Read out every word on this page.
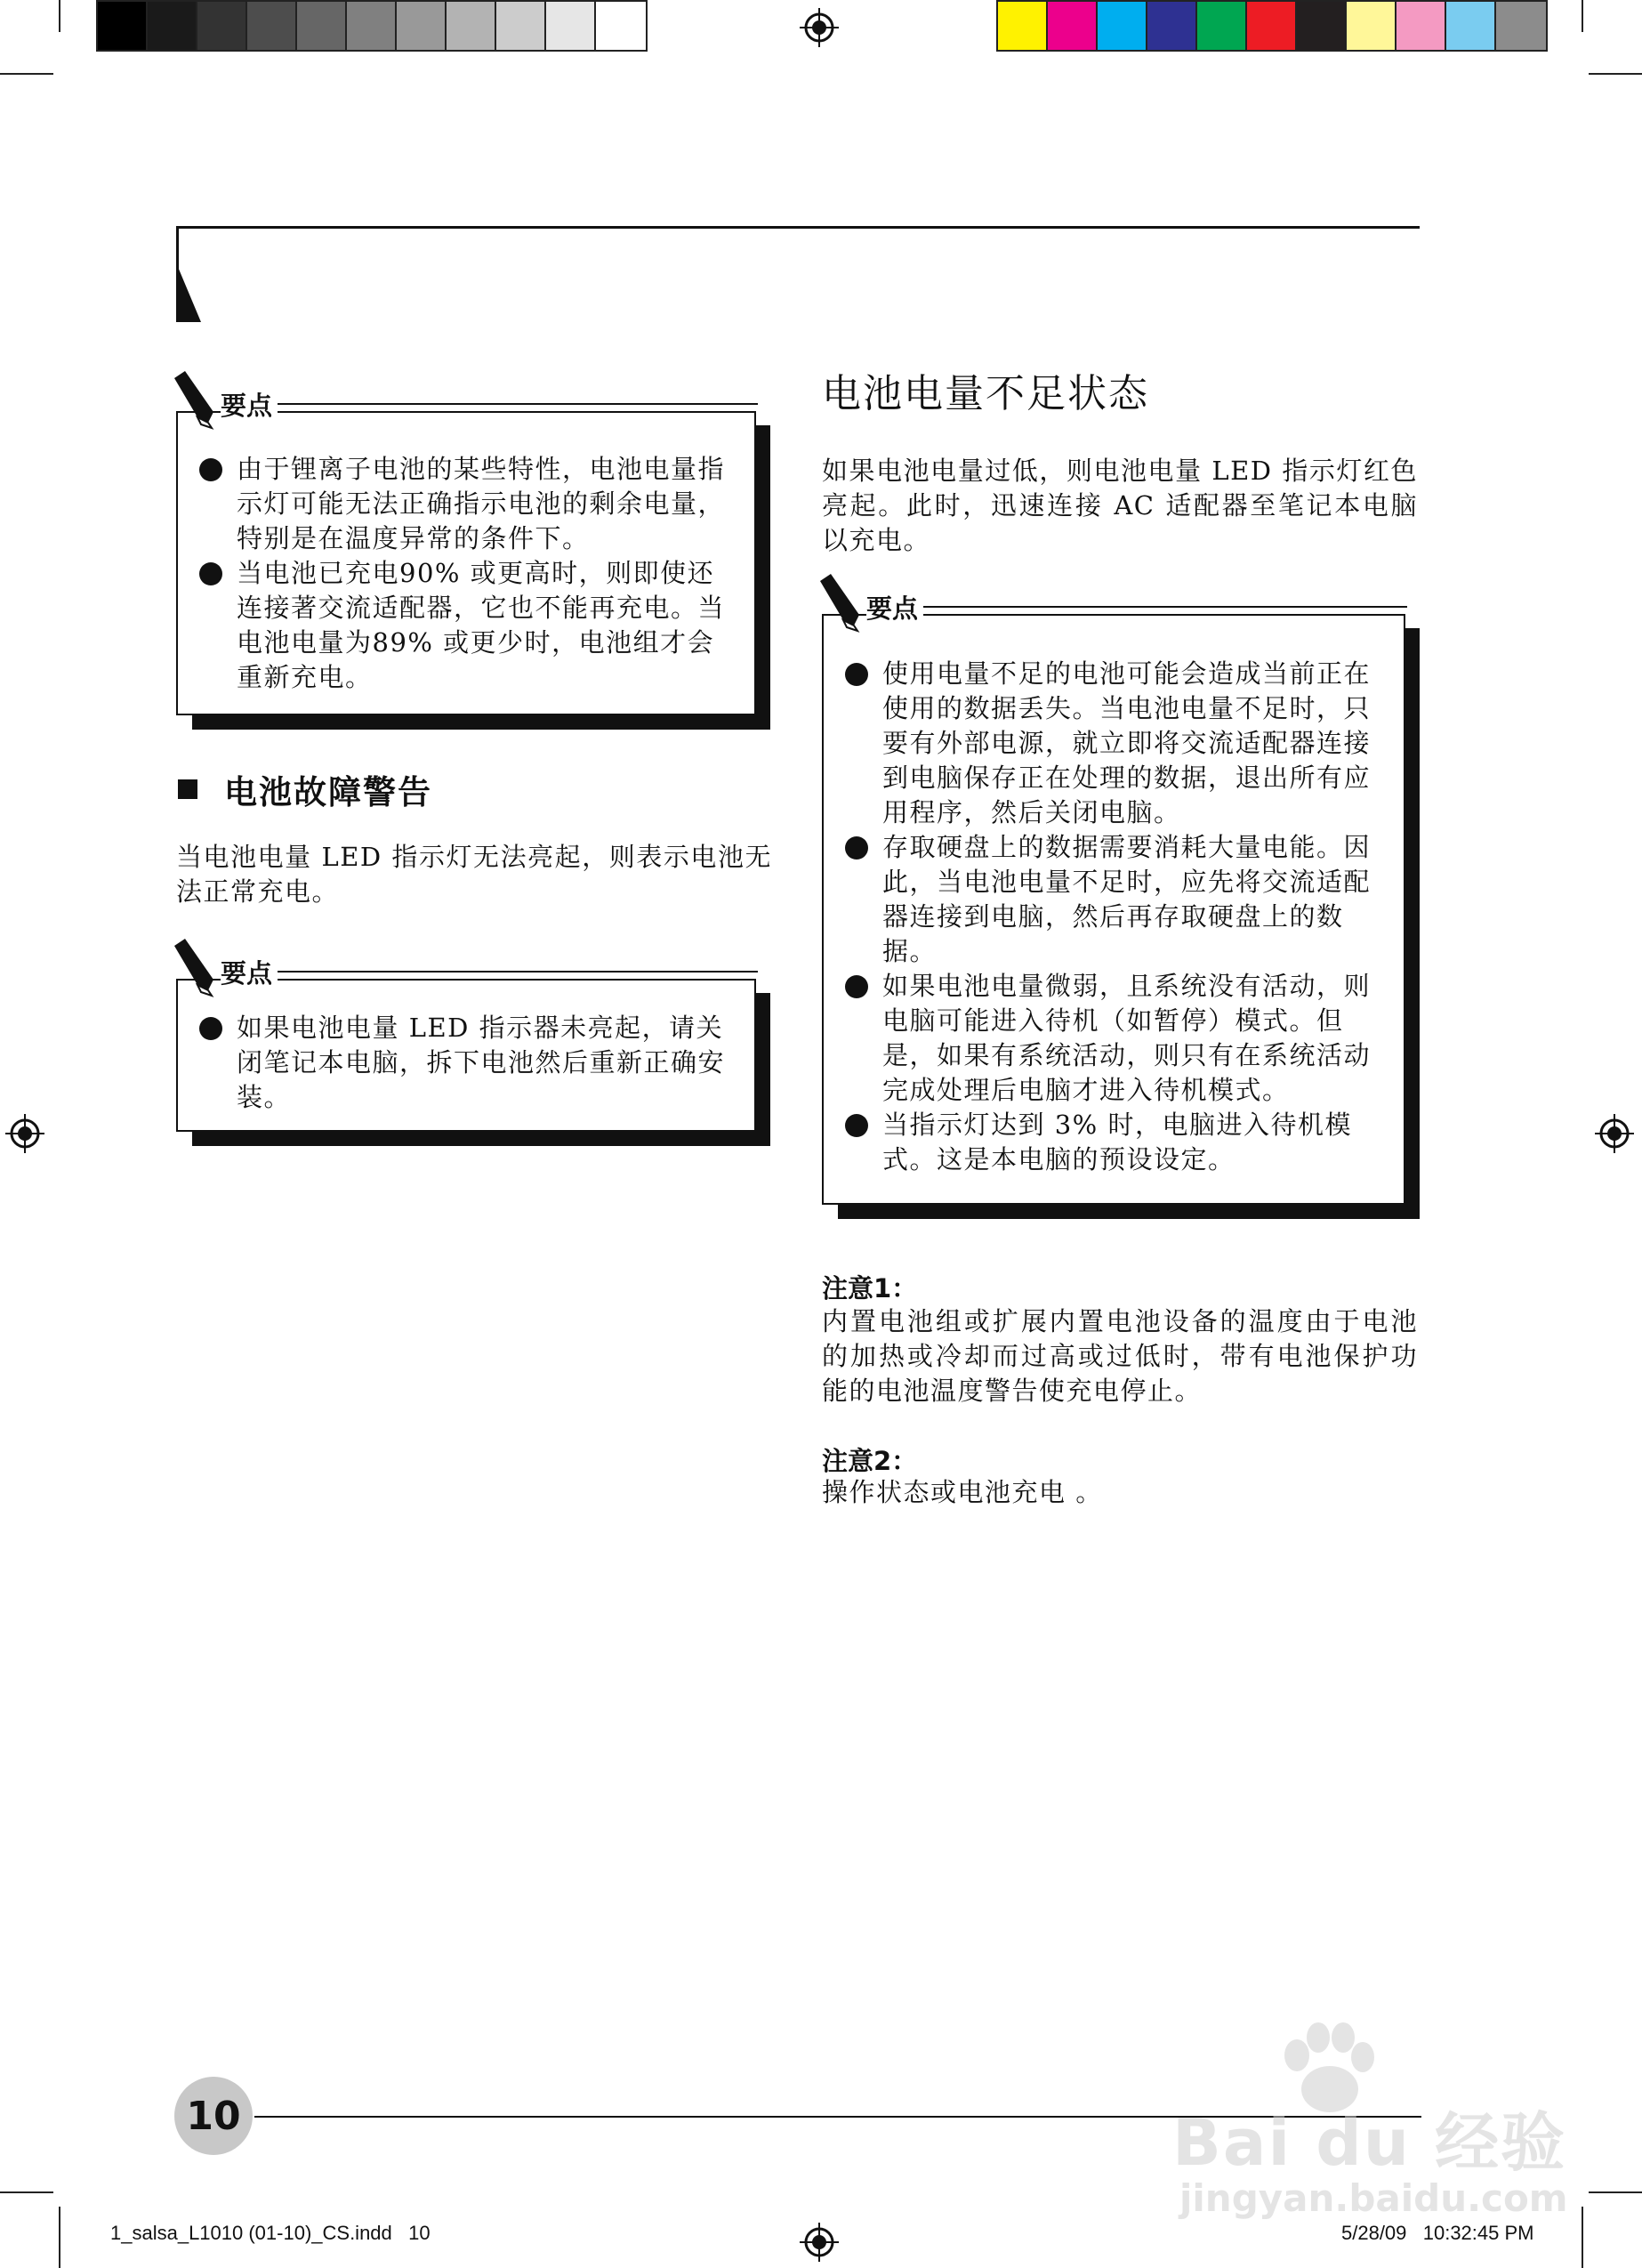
要点
由于锂离子电池的某些特性，电池电量指示灯可能无法正确指示电池的剩余电量，特别是在温度异常的条件下。
当电池已充电90% 或更高时，则即使还连接著交流适配器，它也不能再充电。当电池电量为89% 或更少时，电池组才会重新充电。
电池故障警告
当电池电量 LED 指示灯无法亮起，则表示电池无法正常充电。
要点
如果电池电量 LED 指示器未亮起，请关闭笔记本电脑，拆下电池然后重新正确安装。
电池电量不足状态
如果电池电量过低，则电池电量 LED 指示灯红色亮起。此时，迅速连接 AC 适配器至笔记本电脑以充电。
要点
使用电量不足的电池可能会造成当前正在使用的数据丢失。当电池电量不足时，只要有外部电源，就立即将交流适配器连接到电脑保存正在处理的数据，退出所有应用程序，然后关闭电脑。
存取硬盘上的数据需要消耗大量电能。因此，当电池电量不足时，应先将交流适配器连接到电脑，然后再存取硬盘上的数据。
如果电池电量微弱，且系统没有活动，则电脑可能进入待机（如暂停）模式。但是，如果有系统活动，则只有在系统活动完成处理后电脑才进入待机模式。
当指示灯达到 3% 时，电脑进入待机模式。这是本电脑的预设设定。
注意1：
内置电池组或扩展内置电池设备的温度由于电池的加热或冷却而过高或过低时，带有电池保护功能的电池温度警告使充电停止。
注意2：
操作状态或电池充电 。
10	Bai du 经验
jingyan.baidu.com
1_salsa_L1010 (01-10)_CS.indd   10	5/28/09   10:32:45 PM
